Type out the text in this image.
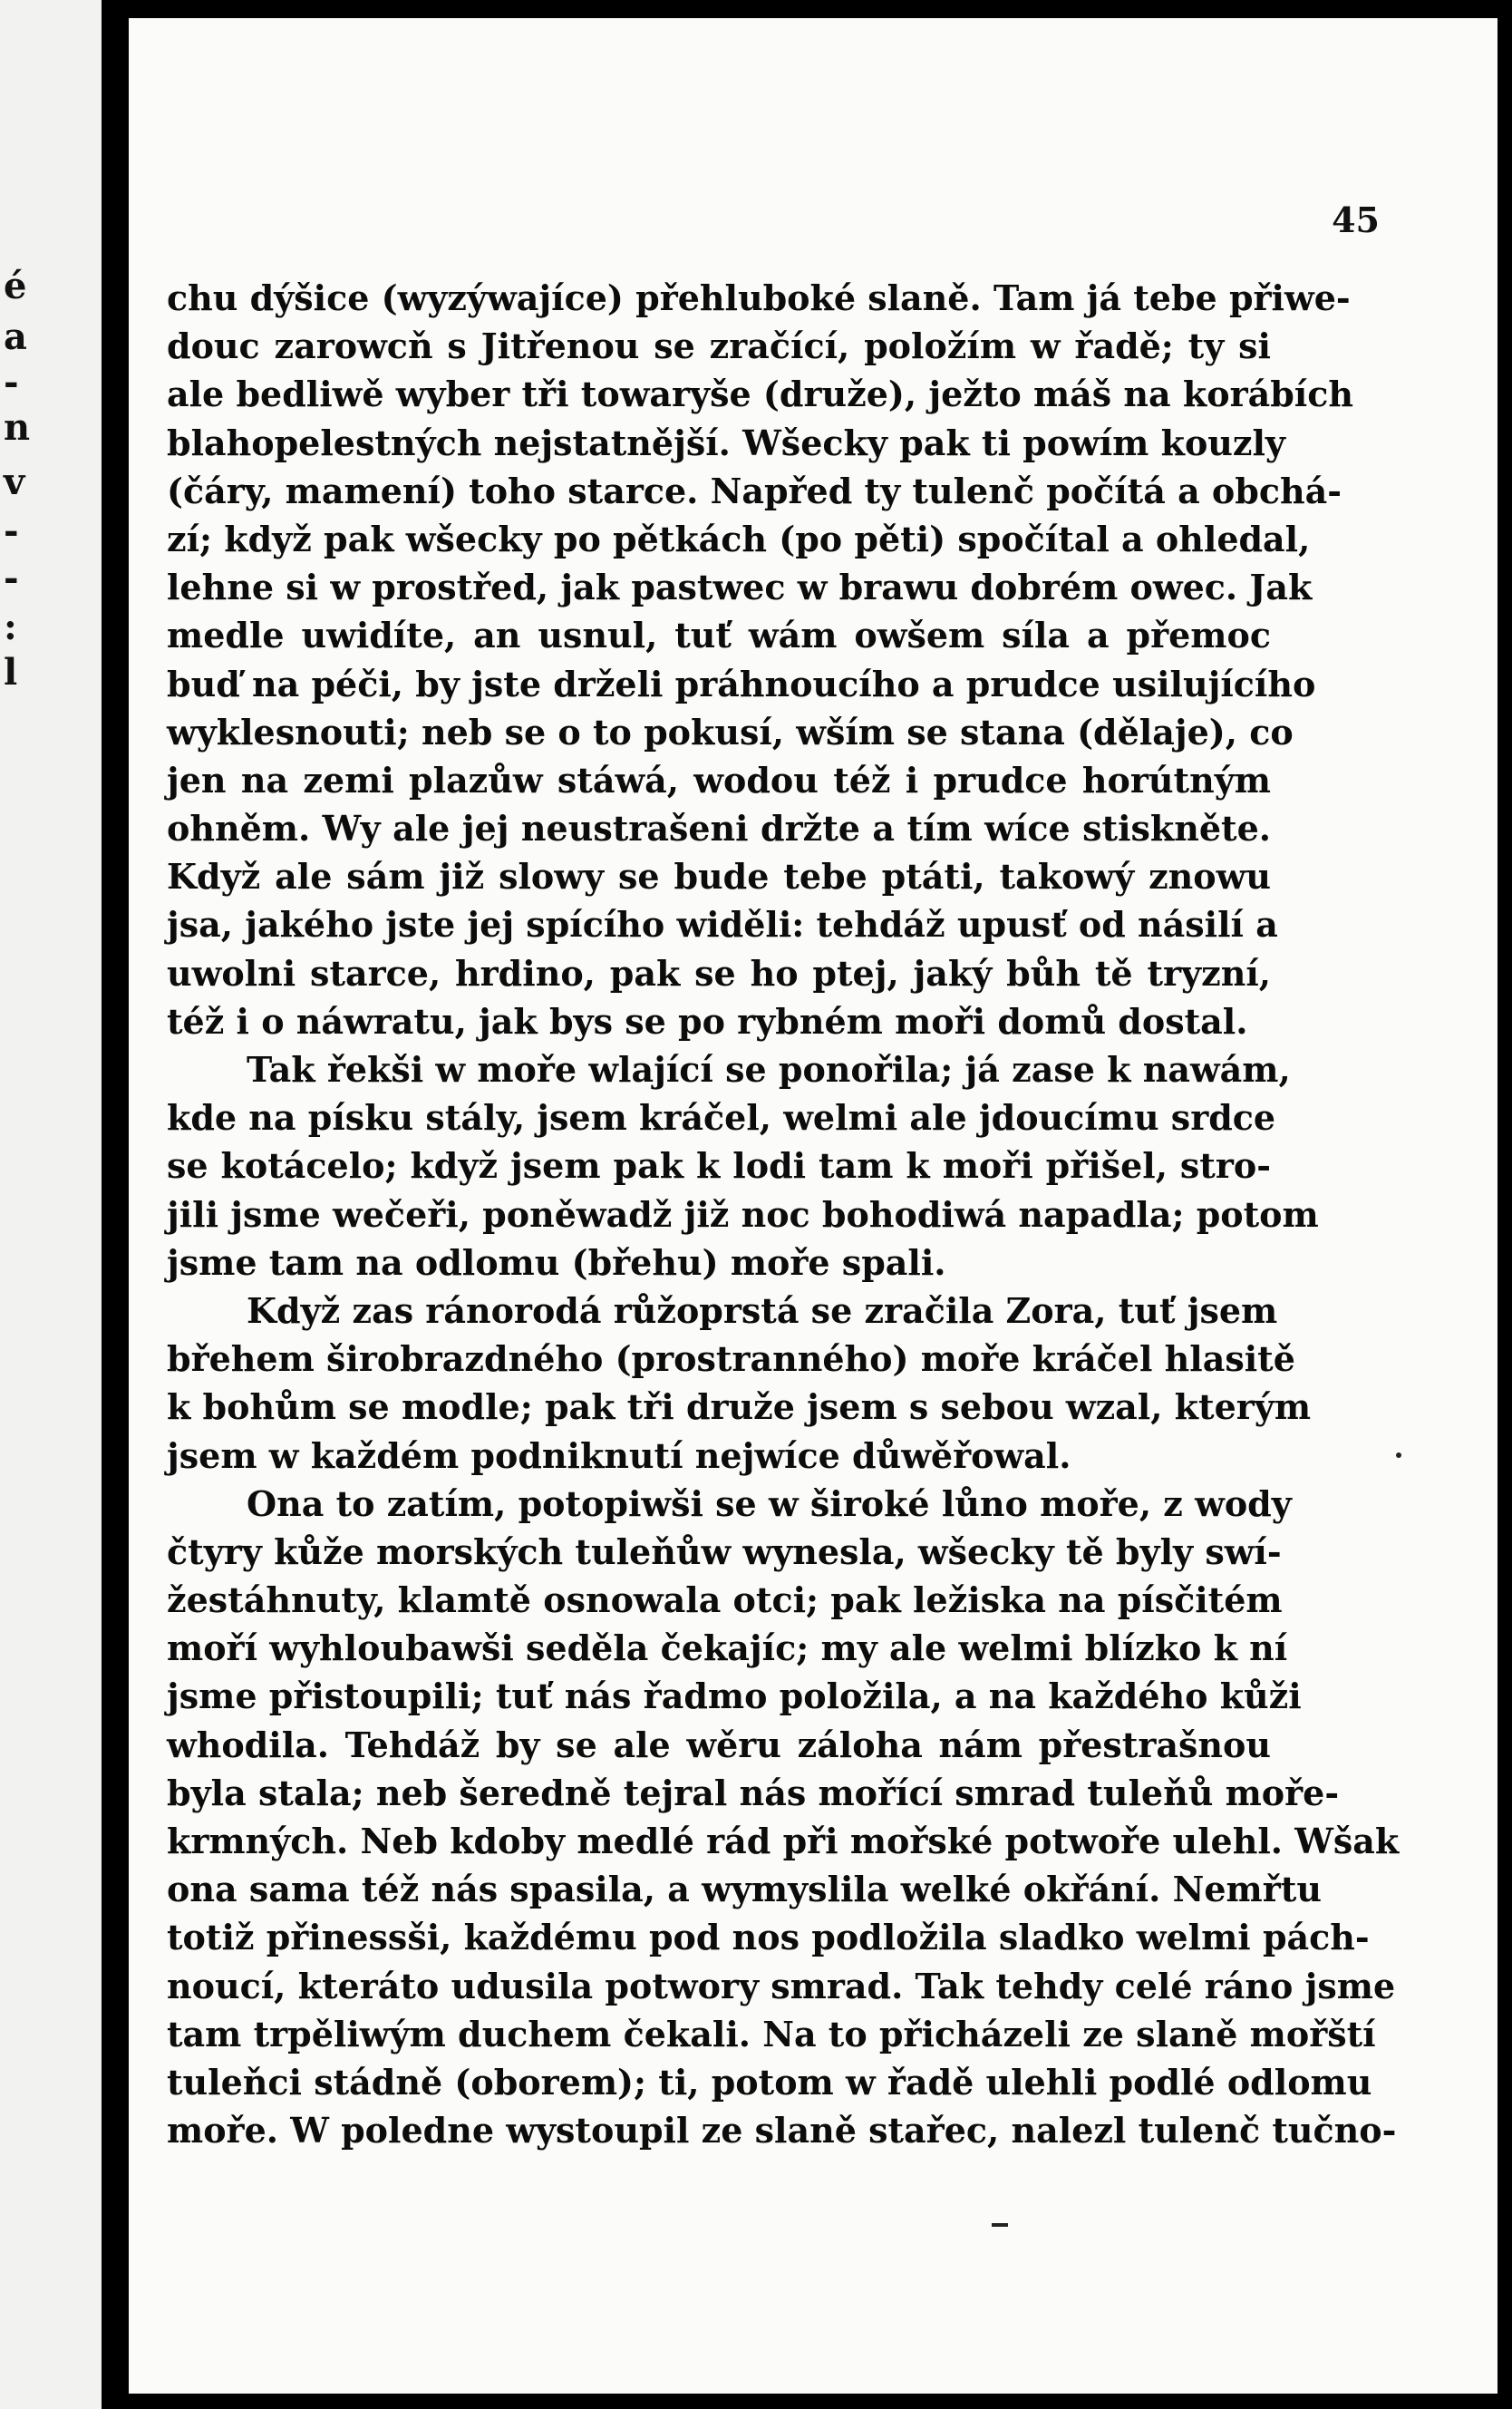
é
a
-
n
v
-
-
:
l
45
chu dýšice (wyzýwajíce) přehluboké slaně. Tam já tebe přiwe-
douc zarowcň s Jitřenou se zračící, položím w řadě; ty si
ale bedliwě wyber tři towaryše (druže), ježto máš na korábích
blahopelestných nejstatnější. Wšecky pak ti powím kouzly
(čáry, mamení) toho starce. Napřed ty tulenč počítá a obchá-
zí; když pak wšecky po pětkách (po pěti) spočítal a ohledal,
lehne si w prostřed, jak pastwec w brawu dobrém owec. Jak
medle uwidíte, an usnul, tuť wám owšem síla a přemoc
buď na péči, by jste drželi práhnoucího a prudce usilujícího
wyklesnouti; neb se o to pokusí, wším se stana (dělaje), co
jen na zemi plazůw stáwá, wodou též i prudce horútným
ohněm. Wy ale jej neustrašeni držte a tím wíce stiskněte.
Když ale sám již slowy se bude tebe ptáti, takowý znowu
jsa, jakého jste jej spícího widěli: tehdáž upusť od násilí a
uwolni starce, hrdino, pak se ho ptej, jaký bůh tě tryzní,
též i o náwratu, jak bys se po rybném moři domů dostal.
Tak řekši w moře wlající se ponořila; já zase k nawám,
kde na písku stály, jsem kráčel, welmi ale jdoucímu srdce
se kotácelo; když jsem pak k lodi tam k moři přišel, stro-
jili jsme wečeři, poněwadž již noc bohodiwá napadla; potom
jsme tam na odlomu (břehu) moře spali.
Když zas ránorodá růžoprstá se zračila Zora, tuť jsem
břehem širobrazdného (prostranného) moře kráčel hlasitě
k bohům se modle; pak tři druže jsem s sebou wzal, kterým
jsem w každém podniknutí nejwíce důwěřowal.
Ona to zatím, potopiwši se w široké lůno moře, z wody
čtyry kůže morských tuleňůw wynesla, wšecky tě byly swí-
žestáhnuty, klamtě osnowala otci; pak ležiska na písčitém
moří wyhloubawši seděla čekajíc; my ale welmi blízko k ní
jsme přistoupili; tuť nás řadmo položila, a na každého kůži
whodila. Tehdáž by se ale wěru záloha nám přestrašnou
byla stala; neb šeredně tejral nás mořící smrad tuleňů moře-
krmných. Neb kdoby medlé rád při mořské potwoře ulehl. Wšak
ona sama též nás spasila, a wymyslila welké okřání. Nemřtu
totiž přinessši, každému pod nos podložila sladko welmi pách-
noucí, kteráto udusila potwory smrad. Tak tehdy celé ráno jsme
tam trpěliwým duchem čekali. Na to přicházeli ze slaně mořští
tuleňci stádně (oborem); ti, potom w řadě ulehli podlé odlomu
moře. W poledne wystoupil ze slaně stařec, nalezl tulenč tučno-
